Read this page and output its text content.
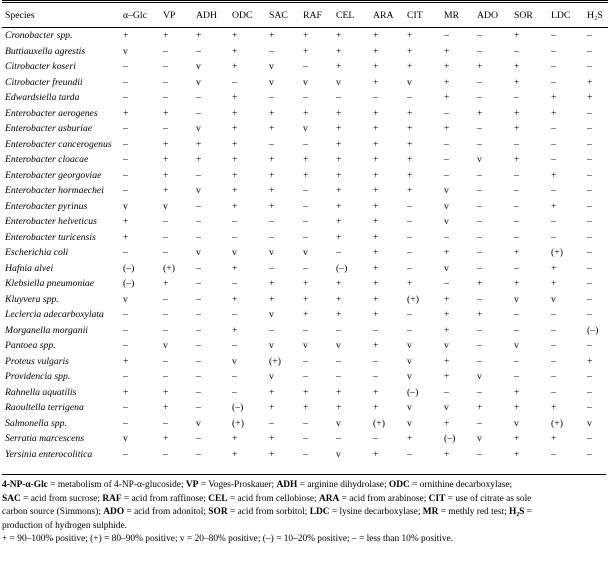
Species	α–Glc	VP	ADH	ODC	SAC	RAF	CEL	ARA	CIT	MR	ADO	SOR	LDC	H₂S
Cronobacter spp.	+	+	+	+	+	+	+	+	+	–	–	+	–	–
Buttiauxella agrestis	v	–	–	+	–	+	+	+	+	+	–	–	–	–
Citrobacter koseri	–	–	v	+	v	–	+	+	+	+	+	+	–	–
Citrobacter freundii	–	–	v	–	v	v	v	+	v	+	–	+	–	+
Edwardsiella tarda	–	–	–	+	–	–	–	–	–	+	–	–	+	+
Enterobacter aerogenes	+	+	–	+	+	+	+	+	+	–	+	+	+	–
Enterobacter asburiae	–	–	v	+	+	v	+	+	+	+	–	+	–	–
Enterobacter cancerogenus	–	+	+	+	–	–	+	+	+	–	–	–	–	–
Enterobacter cloacae	–	+	+	+	+	+	+	+	+	–	v	+	–	–
Enterobacter georgoviae	–	+	–	+	+	+	+	+	+	–	–	–	+	–
Enterobacter hormaechei	–	+	v	+	+	–	+	+	+	v	–	–	–	–
Enterobacter pyrinus	v	v	–	+	+	–	+	+	–	v	–	–	+	–
Enterobacter helveticus	+	–	–	–	–	–	+	+	–	v	–	–	–	–
Enterobacter turicensis	+	–	–	–	–	–	+	+	–	–	–	–	–	–
Escherichia coli	–	–	v	v	v	v	–	+	–	+	–	+	(+)	–
Hafnia alvei	(–)	(+)	–	+	–	–	(–)	+	–	v	–	–	+	–
Klebsiella pneumoniae	(–)	+	–	–	+	+	+	+	+	–	+	+	+	–
Kluyvera spp.	v	–	–	+	+	+	+	+	(+)	+	–	v	v	–
Leclercia adecarboxylata	–	–	–	–	v	+	+	+	–	+	+	–	–	–
Morganella morganii	–	–	–	+	–	–	–	–	–	+	–	–	–	(–)
Pantoea spp.	–	v	–	–	v	v	v	+	v	v	–	v	–	–
Proteus vulgaris	+	–	–	v	(+)	–	–	–	v	+	–	–	–	+
Providencia spp.	–	–	–	–	v	–	–	–	v	+	v	–	–	–
Rahnella aquatilis	+	+	–	–	+	+	+	+	(–)	–	–	+	–	–
Raoultella terrigena	–	+	–	(–)	+	+	+	+	v	v	+	+	+	–
Salmonella spp.	–	–	v	(+)	–	–	v	(+)	v	+	–	v	(+)	v
Serratia marcescens	v	+	–	+	+	–	–	–	+	(–)	v	+	+	–
Yersinia enterocolitica	–	–	–	+	+	–	v	+	–	+	–	+	–	–
4-NP-α-Glc = metabolism of 4-NP-α-glucoside; VP = Voges-Proskauer; ADH = arginine dihydrolase; ODC = ornithine decarboxylase;
SAC = acid from sucrose; RAF = acid from raffinose; CEL = acid from cellobiose; ARA = acid from arabinose; CIT = use of citrate as sole
carbon source (Simmons); ADO = acid from adonitol; SOR = acid from sorbitol; LDC = lysine decarboxylase; MR = methly red test; H₂S =
production of hydrogen sulphide.
+ = 90–100% positive; (+) = 80–90% positive; v = 20–80% positive; (–) = 10–20% positive; – = less than 10% positive.
